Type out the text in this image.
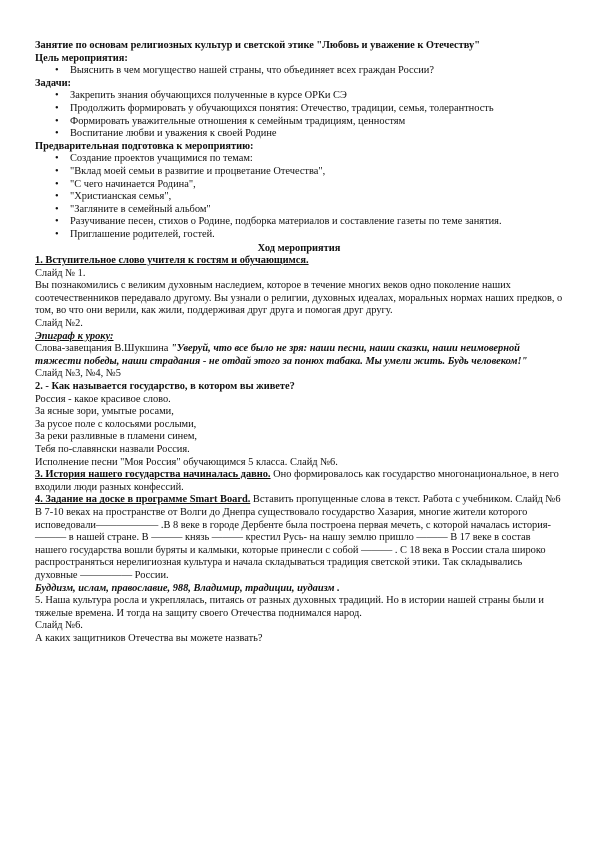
Занятие по основам религиозных культур и светской этике "Любовь и уважение к Отечеству"

Цель мероприятия:

• Выяснить в чем могущество нашей страны, что объединяет всех граждан России?

Задачи:

• Закрепить знания обучающихся полученные в курсе ОРКи СЭ
• Продолжить формировать у обучающихся понятия: Отечество, традиции, семья, толерантность
• Формировать уважительные отношения к семейным традициям, ценностям
• Воспитание любви и уважения к своей Родине

Предварительная подготовка к мероприятию:

• Создание проектов учащимися по темам:
• "Вклад моей семьи в развитие и процветание Отечества",
• "С чего начинается Родина",
• "Христианская семья",
• "Загляните в семейный альбом"
• Разучивание песен, стихов о Родине, подборка материалов и составление газеты по теме занятия.
• Приглашение родителей, гостей.

Ход мероприятия

1. Вступительное слово учителя к гостям и обучающимся.

Слайд № 1.

Вы познакомились с великим духовным наследием, которое в течение многих веков одно поколение наших соотечественников передавало другому. Вы узнали о религии, духовных идеалах, моральных нормах наших предков, о том, во что они верили, как жили, поддерживая друг друга и помогая друг другу.

Слайд №2.

Эпиграф к уроку:

Слова-завещания В.Шукшина "Уверуй, что все было не зря: наши песни, наши сказки, наши неимоверной тяжести победы, наши страдания - не отдай этого за понюх табака. Мы умели жить. Будь человеком!"

Слайд №3, №4, №5

2. - Как называется государство, в котором вы живете?

Россия - какое красивое слово.

За ясные зори, умытые росами,

За русое поле с колосьями рослыми,

За реки разливные в пламени синем,

Тебя по-славянски назвали Россия.

Исполнение песни "Моя Россия" обучающимся 5 класса. Слайд №6.

3. История нашего государства начиналась давно. Оно формировалось как государство многонациональное, в него входили люди разных конфессий.

4. Задание на доске в программе Smart Board. Вставить пропущенные слова в текст. Работа с учебником. Слайд №6

В 7-10 веках на пространстве от Волги до Днепра существовало государство Хазария, многие жители которого исповедовали—————— .В 8 веке в городе Дербенте была построена первая мечеть, с которой началась история- ——— в нашей стране. В ——— князь ——— крестил Русь- на нашу землю пришло ——— В 17 веке в состав нашего государства вошли буряты и калмыки, которые принесли с собой ——— . С 18 века в России стала широко распространяться нерелигиозная культура и начала складываться традиция светской этики. Так складывались духовные ————— России.

Буддизм, ислам, православие, 988, Владимир, традиции, иудаизм .

5. Наша культура росла и укреплялась, питаясь от разных духовных традиций. Но в истории нашей страны были и тяжелые времена. И тогда на защиту своего Отечества поднимался народ.

Слайд №6.

А каких защитников Отечества вы можете назвать?
